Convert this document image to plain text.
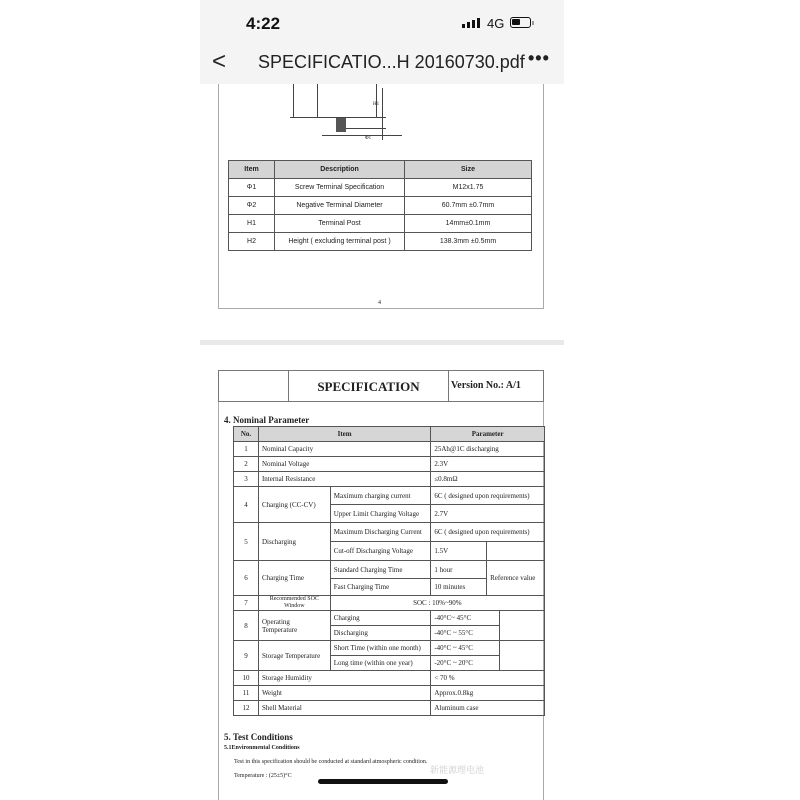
4:22	4G
< SPECIFICATIO...H 20160730.pdf •••
H1
Φ1
Item	Description	Size
Φ1	Screw Terminal Specification	M12x1.75
Φ2	Negative Terminal Diameter	60.7mm ±0.7mm
H1	Terminal Post	14mm±0.1mm
H2	Height ( excluding terminal post )	138.3mm ±0.5mm
4
SPECIFICATION	Version No.: A/1
4. Nominal Parameter
No.	Item		Parameter		
1	Nominal Capacity		25Ah@1C discharging		
2	Nominal Voltage		2.3V		
3	Internal Resistance		≤0.8mΩ		
4	Charging (CC-CV)	Maximum charging current	6C ( designed upon requirements)		
		Upper Limit Charging Voltage	2.7V		
5	Discharging	Maximum Discharging Current	6C ( designed upon requirements)		
		Cut-off Discharging Voltage	1.5V		
6	Charging Time	Standard Charging Time	1 hour	Reference value	
		Fast Charging Time	10 minutes		
7	Recommended SOC Window	SOC : 10%~90%			
8	Operating Temperature	Charging	-40°C~ 45°C		
		Discharging	-40°C ~ 55°C		
9	Storage Temperature	Short Time (within one month)	-40°C ~ 45°C		
		Long time (within one year)	-20°C ~ 20°C		
10	Storage Humidity		< 70 %		
11	Weight		Approx.0.8kg		
12	Shell Material		Aluminum case		
5. Test Conditions
5.1Environmental Conditions
Test in this specification should be conducted at standard atmospheric condition.
Temperature : (25±5)°C
新能源理电池
